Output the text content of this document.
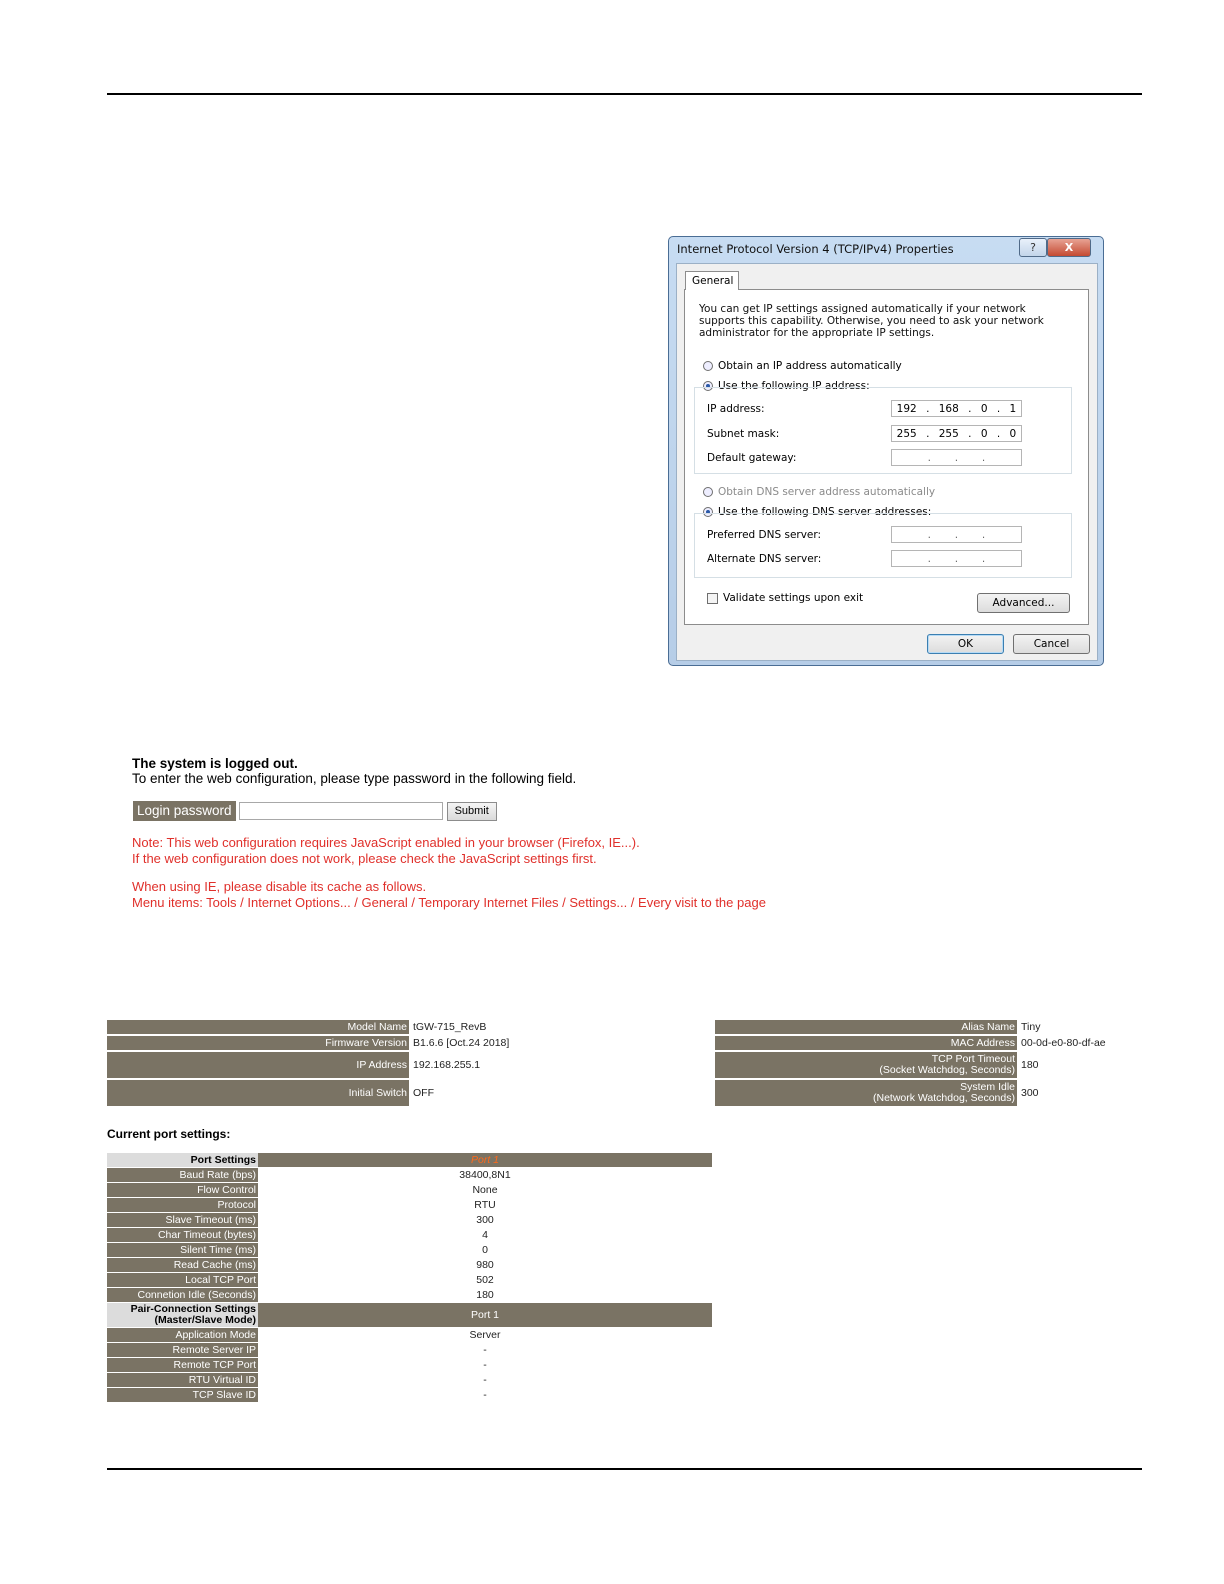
Internet Protocol Version 4 (TCP/IPv4) Properties	?	X
General
You can get IP settings assigned automatically if your network supports this capability. Otherwise, you need to ask your network administrator for the appropriate IP settings.
Obtain an IP address automatically
Use the following IP address:
IP address:	192 . 168 . 0 . 1
Subnet mask:	255 . 255 . 0 . 0
Default gateway:	. . .
Obtain DNS server address automatically
Use the following DNS server addresses:
Preferred DNS server:	. . .
Alternate DNS server:	. . .
Validate settings upon exit	Advanced...
OK	Cancel
The system is logged out.
To enter the web configuration, please type password in the following field.
Login password	Submit
Note: This web configuration requires JavaScript enabled in your browser (Firefox, IE...).
If the web configuration does not work, please check the JavaScript settings first.
When using IE, please disable its cache as follows.
Menu items: Tools / Internet Options... / General / Temporary Internet Files / Settings... / Every visit to the page
Model Name	tGW-715_RevB
Firmware Version	B1.6.6 [Oct.24 2018]
IP Address	192.168.255.1
Initial Switch	OFF
Alias Name	Tiny
MAC Address	00-0d-e0-80-df-ae

TCP Port Timeout
(Socket Watchdog, Seconds)	180

System Idle
(Network Watchdog, Seconds)	300
Current port settings:
Port Settings	Port 1
Baud Rate (bps)	38400,8N1
Flow Control	None
Protocol	RTU
Slave Timeout (ms)	300
Char Timeout (bytes)	4
Silent Time (ms)	0
Read Cache (ms)	980
Local TCP Port	502
Connetion Idle (Seconds)	180

Pair-Connection Settings
(Master/Slave Mode)	Port 1
Application Mode	Server
Remote Server IP	-
Remote TCP Port	-
RTU Virtual ID	-
TCP Slave ID	-
